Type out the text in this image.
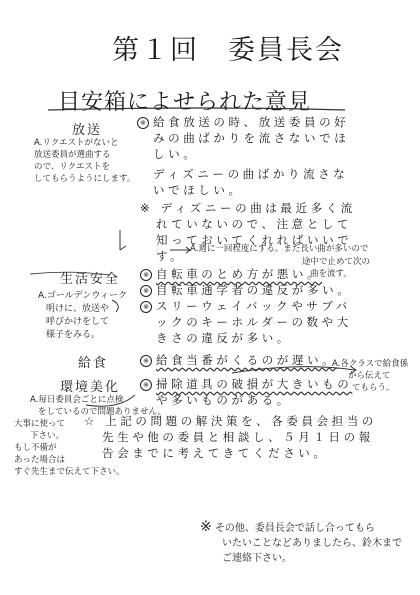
第１回　委員長会
目安箱によせられた意見
放送
A.リクエストがないと
放送委員が選曲する
ので、リクエストを
してもらうようにします。
※ 給食放送の時、放送委員の好
みの曲ばかりを流さないでほ
しい。
ディズニーの曲ばかり流さな
いでほしい。
※ ディズニーの曲は最近多く流
れていないので、注意として
知っておいてくれればいいで
す。 A.週に一回程度にする。また長い曲が多いので
途中で止めて次の
曲を流す。
生活安全
A.ゴールデンウィーク
明けに、放送や
呼びかけをして
様子をみる。
※ 自転車のとめ方が悪い。
※ 自転車通学者の違反が多い。
※ スリーウェイバックやサブバ
ックのキーホルダーの数や大
きさの違反が多い。
給食	※ 給食当番がくるのが遅い。
A.各クラスで給食係
から伝えて
てもらう。
環境美化
A.毎日委員会ごとに点検
をしているので問題ありません。
※ 掃除道具の破損が大きいもの
や多いものがある。
大事に使って
下さい。
もし不備が
あった場合は
すぐ先生まで伝えて下さい。
☆ 上記の問題の解決策を、各委員会担当の
先生や他の委員と相談し、５月１日の報
告会までに考えてきてください。
※ その他、委員長会で話し合ってもら
いたいことなどありましたら、鈴木まで
ご連絡下さい。
